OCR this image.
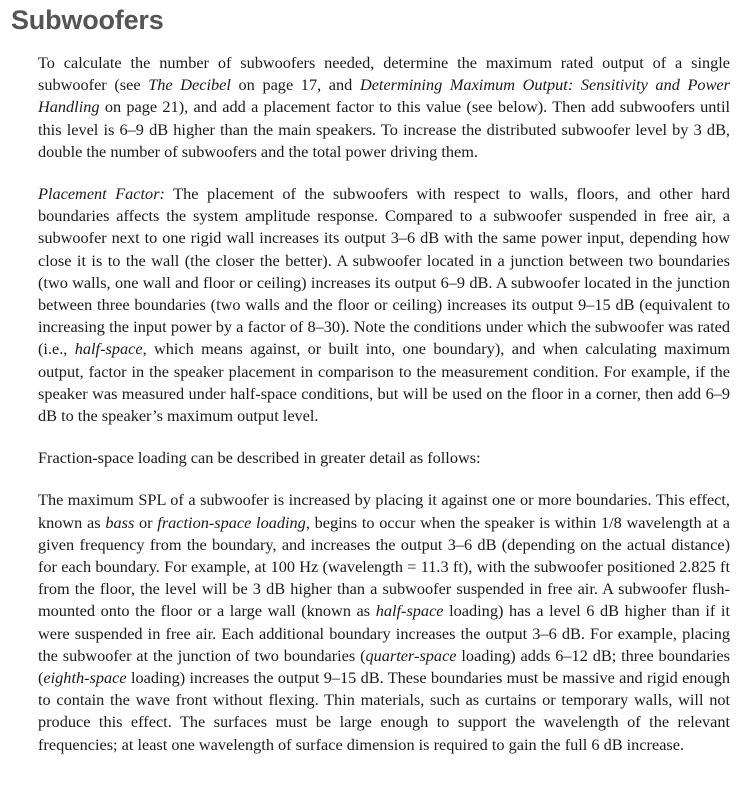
Subwoofers

To calculate the number of subwoofers needed, determine the maximum rated output of a single subwoofer (see The Decibel on page 17, and Determining Maximum Output: Sensitivity and Power Handling on page 21), and add a placement factor to this value (see below). Then add subwoofers until this level is 6–9 dB higher than the main speakers. To increase the distributed subwoofer level by 3 dB, double the number of subwoofers and the total power driving them.

Placement Factor: The placement of the subwoofers with respect to walls, floors, and other hard boundaries affects the system amplitude response. Compared to a subwoofer suspended in free air, a subwoofer next to one rigid wall increases its output 3–6 dB with the same power input, depending how close it is to the wall (the closer the better). A subwoofer located in a junction between two boundaries (two walls, one wall and floor or ceiling) increases its output 6–9 dB. A subwoofer located in the junction between three boundaries (two walls and the floor or ceiling) increases its output 9–15 dB (equivalent to increasing the input power by a factor of 8–30). Note the conditions under which the subwoofer was rated (i.e., half-space, which means against, or built into, one boundary), and when calculating maximum output, factor in the speaker placement in comparison to the measurement condition. For example, if the speaker was measured under half-space conditions, but will be used on the floor in a corner, then add 6–9 dB to the speaker’s maximum output level.

Fraction-space loading can be described in greater detail as follows:

The maximum SPL of a subwoofer is increased by placing it against one or more boundaries. This effect, known as bass or fraction-space loading, begins to occur when the speaker is within 1/8 wavelength at a given frequency from the boundary, and increases the output 3–6 dB (depending on the actual distance) for each boundary. For example, at 100 Hz (wavelength = 11.3 ft), with the subwoofer positioned 2.825 ft from the floor, the level will be 3 dB higher than a subwoofer suspended in free air. A subwoofer flush-mounted onto the floor or a large wall (known as half-space loading) has a level 6 dB higher than if it were suspended in free air. Each additional boundary increases the output 3–6 dB. For example, placing the subwoofer at the junction of two boundaries (quarter-space loading) adds 6–12 dB; three boundaries (eighth-space loading) increases the output 9–15 dB. These boundaries must be massive and rigid enough to contain the wave front without flexing. Thin materials, such as curtains or temporary walls, will not produce this effect. The surfaces must be large enough to support the wavelength of the relevant frequencies; at least one wavelength of surface dimension is required to gain the full 6 dB increase.
